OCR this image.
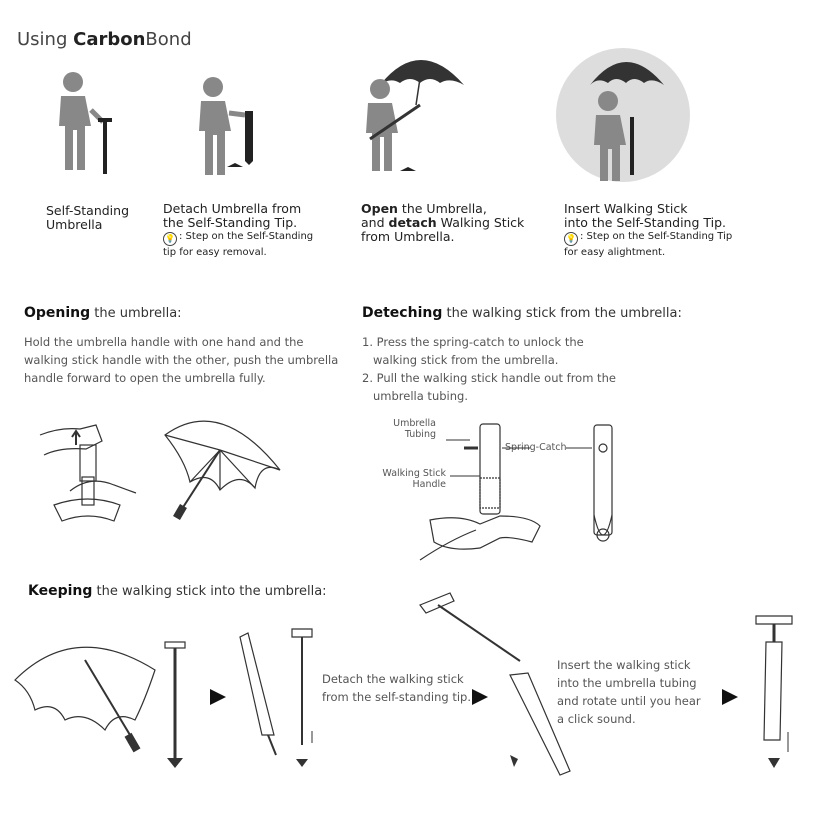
Using CarbonBond
Self-Standing
Umbrella
Detach Umbrella from
the Self-Standing Tip.
💡 : Step on the Self-Standing
tip for easy removal.
Open the Umbrella,
and detach Walking Stick
from Umbrella.
Insert Walking Stick
into the Self-Standing Tip.
💡 : Step on the Self-Standing Tip
for easy alightment.
Opening the umbrella:
Hold the umbrella handle with one hand and the
walking stick handle with the other, push the umbrella
handle forward to open the umbrella fully.
Deteching the walking stick from the umbrella:
1. Press the spring-catch to unlock the
walking stick from the umbrella.
2. Pull the walking stick handle out from the
umbrella tubing.
Umbrella
Tubing
Spring-Catch
Walking Stick
Handle
Keeping the walking stick into the umbrella:
Detach the walking stick
from the self-standing tip.
Insert the walking stick
into the umbrella tubing
and rotate until you hear
a click sound.
